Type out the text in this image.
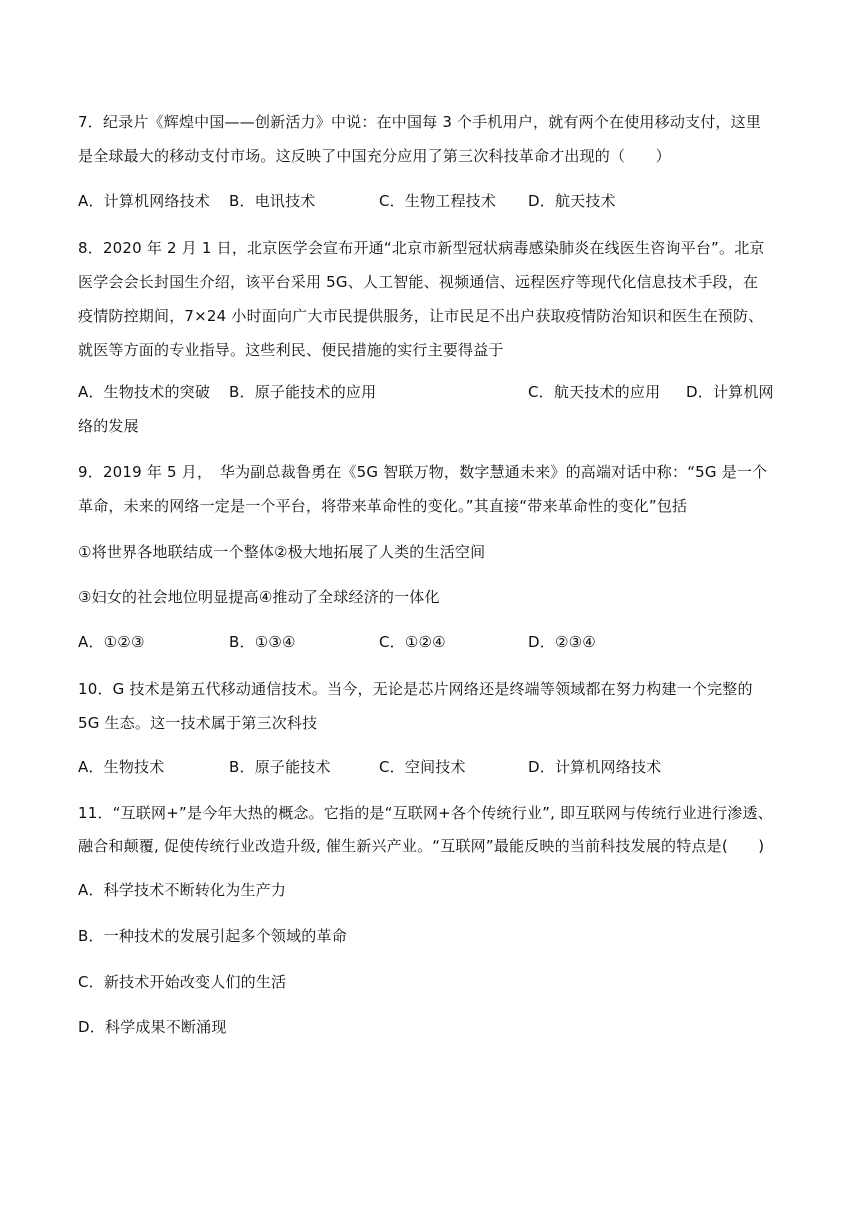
7．纪录片《辉煌中国——创新活力》中说：在中国每 3 个手机用户，就有两个在使用移动支付，这里
是全球最大的移动支付市场。这反映了中国充分应用了第三次科技革命才出现的（　　）
A．计算机网络技术 B．电讯技术	C．生物工程技术 D．航天技术
8．2020 年 2 月 1 日，北京医学会宣布开通“北京市新型冠状病毒感染肺炎在线医生咨询平台”。北京
医学会会长封国生介绍，该平台采用 5G、人工智能、视频通信、远程医疗等现代化信息技术手段，在
疫情防控期间，7×24 小时面向广大市民提供服务，让市民足不出户获取疫情防治知识和医生在预防、
就医等方面的专业指导。这些利民、便民措施的实行主要得益于
A．生物技术的突破 B．原子能技术的应用	C．航天技术的应用 D．计算机网
络的发展
9．2019 年 5 月，　华为副总裁鲁勇在《5G 智联万物，数字慧通未来》的高端对话中称：“5G 是一个
革命，未来的网络一定是一个平台，将带来革命性的变化。”其直接“带来革命性的变化”包括
①将世界各地联结成一个整体②极大地拓展了人类的生活空间
③妇女的社会地位明显提高④推动了全球经济的一体化
A．①②③	B．①③④	C．①②④	D．②③④
10．G 技术是第五代移动通信技术。当今，无论是芯片网络还是终端等领域都在努力构建一个完整的
5G 生态。这一技术属于第三次科技
A．生物技术	B．原子能技术	C．空间技术	D．计算机网络技术
11．“互联网+”是今年大热的概念。它指的是“互联网+各个传统行业”, 即互联网与传统行业进行渗透、
融合和颠覆, 促使传统行业改造升级, 催生新兴产业。“互联网”最能反映的当前科技发展的特点是(　　)
A．科学技术不断转化为生产力
B．一种技术的发展引起多个领域的革命
C．新技术开始改变人们的生活
D．科学成果不断涌现
